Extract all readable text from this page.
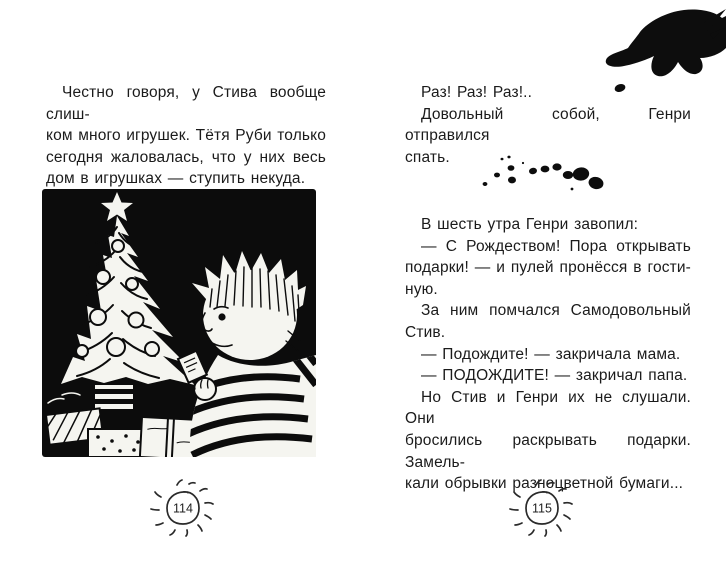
Честно говоря, у Стива вообще слиш-
ком много игрушек. Тётя Руби только
сегодня жаловалась, что у них весь
дом в игрушках — ступить некуда.
114
Раз! Раз! Раз!..
Довольный собой, Генри отправился
спать.
В шесть утра Генри завопил:
— С Рождеством! Пора открывать
подарки! — и пулей пронёсся в гости-
ную.
За ним помчался Самодовольный
Стив.
— Подождите! — закричала мама.
— ПОДОЖДИТЕ! — закричал папа.
Но Стив и Генри их не слушали. Они
бросились раскрывать подарки. Замель-
кали обрывки разноцветной бумаги...
115
